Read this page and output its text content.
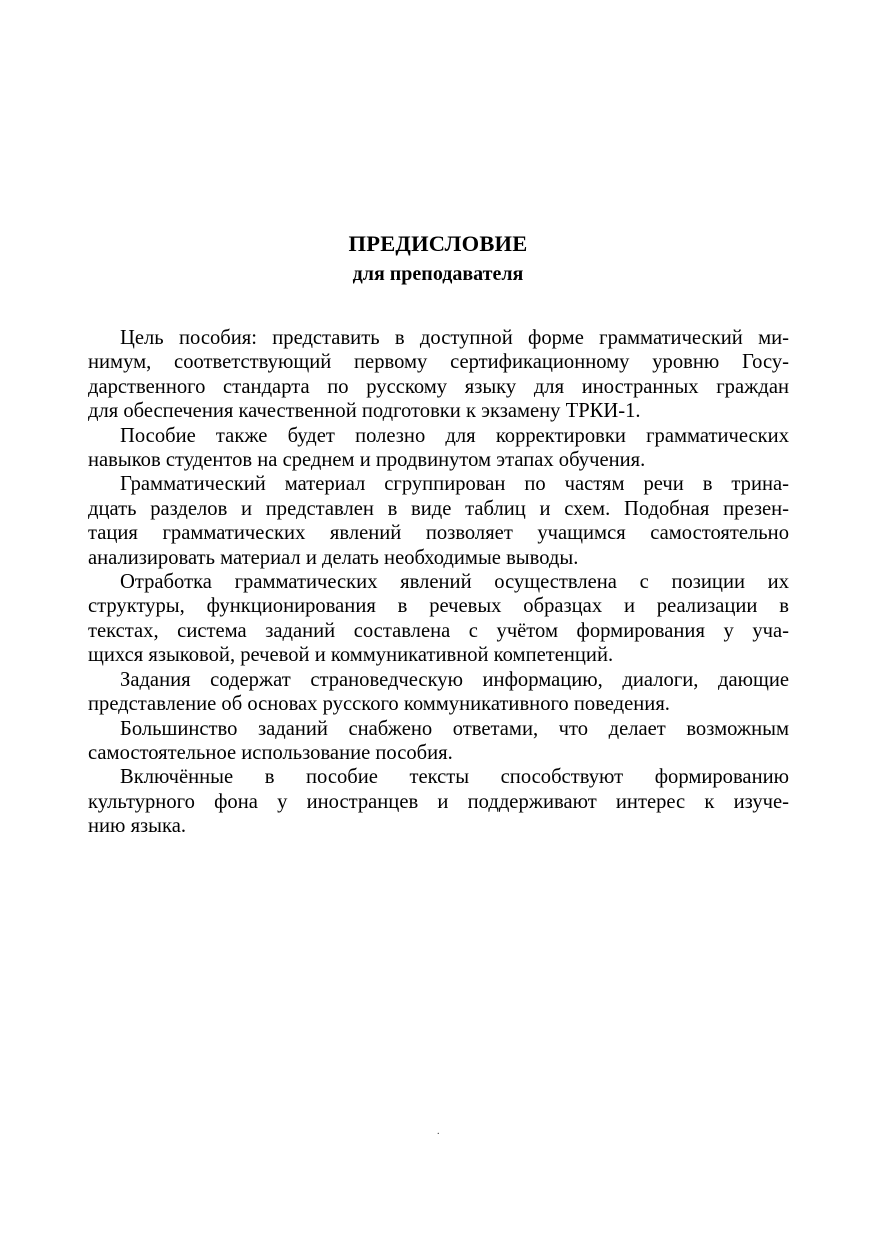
ПРЕДИСЛОВИЕ
для преподавателя

Цель пособия: представить в доступной форме грамматический ми-
нимум, соответствующий первому сертификационному уровню Госу-
дарственного стандарта по русскому языку для иностранных граждан
для обеспечения качественной подготовки к экзамену ТРКИ-1.

Пособие также будет полезно для корректировки грамматических
навыков студентов на среднем и продвинутом этапах обучения.

Грамматический материал сгруппирован по частям речи в трина-
дцать разделов и представлен в виде таблиц и схем. Подобная презен-
тация грамматических явлений позволяет учащимся самостоятельно
анализировать материал и делать необходимые выводы.

Отработка грамматических явлений осуществлена с позиции их
структуры, функционирования в речевых образцах и реализации в
текстах, система заданий составлена с учётом формирования у уча-
щихся языковой, речевой и коммуникативной компетенций.

Задания содержат страноведческую информацию, диалоги, дающие
представление об основах русского коммуникативного поведения.

Большинство заданий снабжено ответами, что делает возможным
самостоятельное использование пособия.

Включённые в пособие тексты способствуют формированию
культурного фона у иностранцев и поддерживают интерес к изуче-
нию языка.

.
